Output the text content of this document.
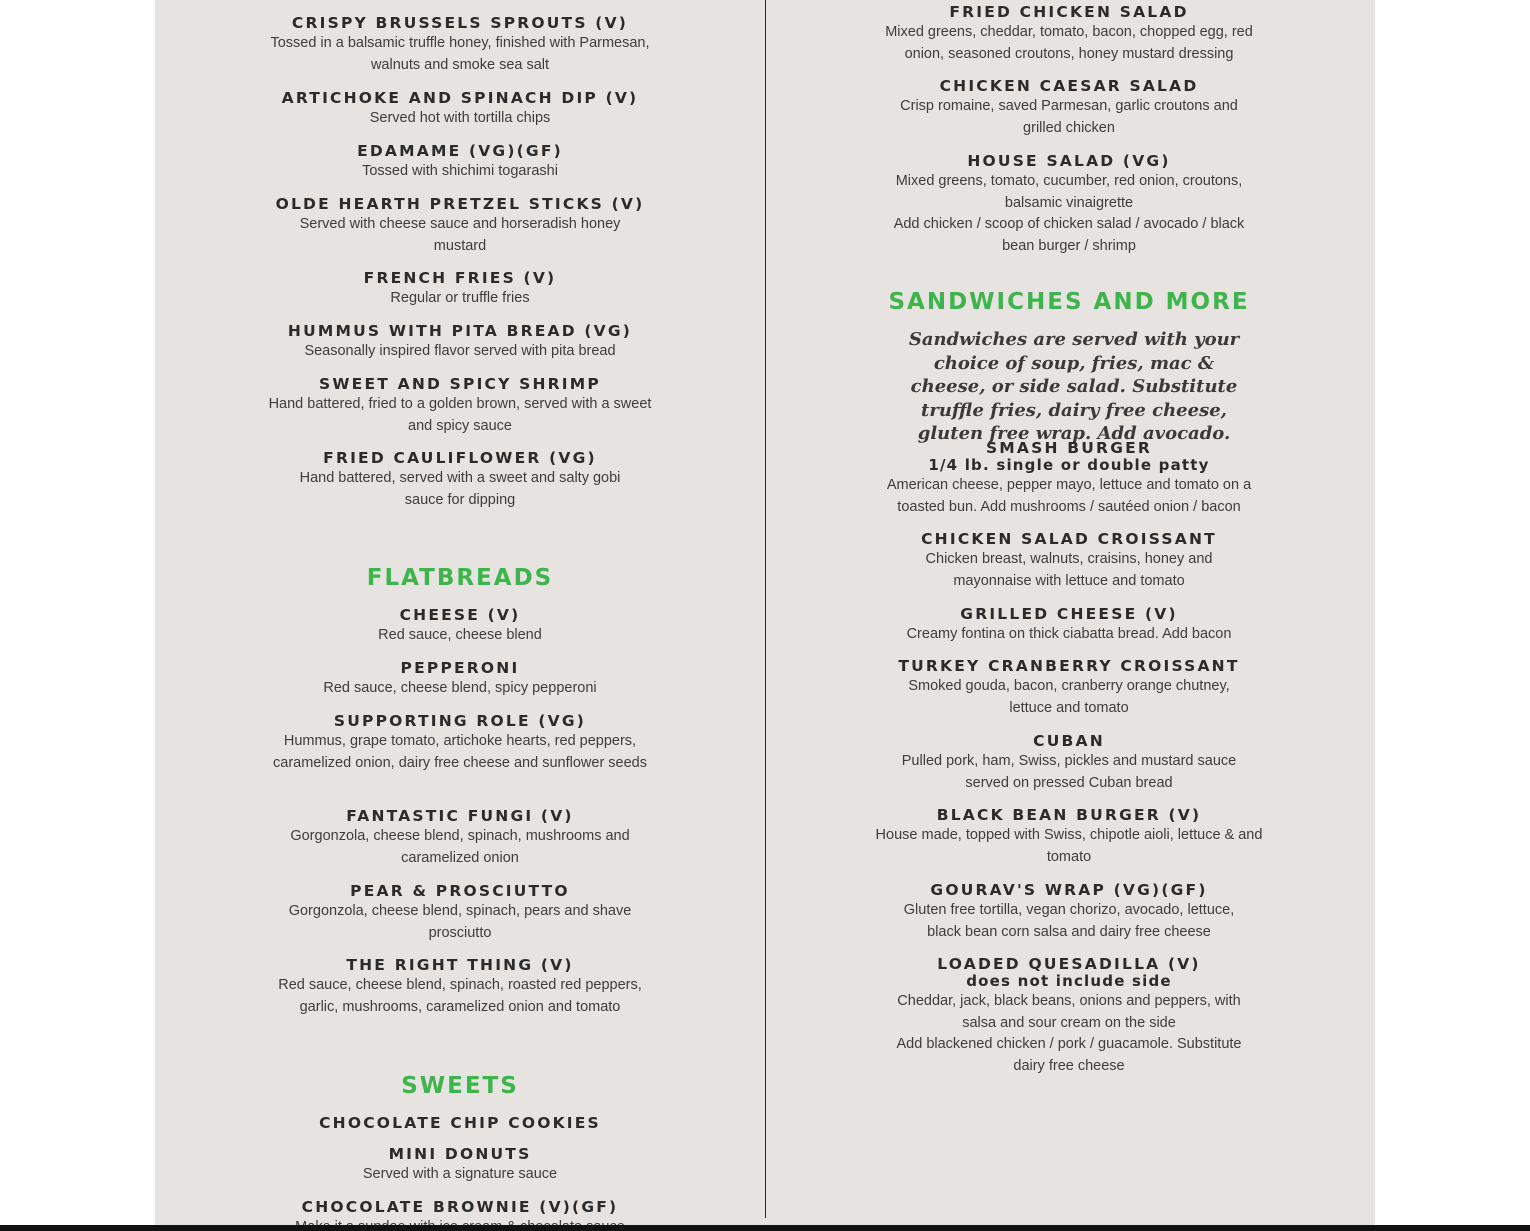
CRISPY BRUSSELS SPROUTS (V)

Tossed in a balsamic truffle honey, finished with Parmesan, walnuts and smoke sea salt

ARTICHOKE AND SPINACH DIP (V)

Served hot with tortilla chips

EDAMAME (VG)(GF)

Tossed with shichimi togarashi

OLDE HEARTH PRETZEL STICKS (V)

Served with cheese sauce and horseradish honey mustard

FRENCH FRIES (V)

Regular or truffle fries

HUMMUS WITH PITA BREAD (VG)

Seasonally inspired flavor served with pita bread

SWEET AND SPICY SHRIMP

Hand battered, fried to a golden brown, served with a sweet and spicy sauce

FRIED CAULIFLOWER (VG)

Hand battered, served with a sweet and salty gobi sauce for dipping

FLATBREADS

CHEESE (V)

Red sauce, cheese blend

PEPPERONI

Red sauce, cheese blend, spicy pepperoni

SUPPORTING ROLE (VG)

Hummus, grape tomato, artichoke hearts, red peppers, caramelized onion, dairy free cheese and sunflower seeds

FANTASTIC FUNGI (V)

Gorgonzola, cheese blend, spinach, mushrooms and caramelized onion

PEAR & PROSCIUTTO

Gorgonzola, cheese blend, spinach, pears and shave prosciutto

THE RIGHT THING (V)

Red sauce, cheese blend, spinach, roasted red peppers, garlic, mushrooms, caramelized onion and tomato

SWEETS

CHOCOLATE CHIP COOKIES

MINI DONUTS

Served with a signature sauce

CHOCOLATE BROWNIE (V)(GF)

FRIED CHICKEN SALAD

Mixed greens, cheddar, tomato, bacon, chopped egg, red onion, seasoned croutons, honey mustard dressing

CHICKEN CAESAR SALAD

Crisp romaine, saved Parmesan, garlic croutons and grilled chicken

HOUSE SALAD (VG)

Mixed greens, tomato, cucumber, red onion, croutons, balsamic vinaigrette

Add chicken / scoop of chicken salad / avocado / black bean burger / shrimp

SANDWICHES AND MORE

Sandwiches are served with your choice of soup, fries, mac & cheese, or side salad. Substitute truffle fries, dairy free cheese, gluten free wrap. Add avocado.

SMASH BURGER

1/4 lb. single or double patty

American cheese, pepper mayo, lettuce and tomato on a toasted bun. Add mushrooms / sautéed onion / bacon

CHICKEN SALAD CROISSANT

Chicken breast, walnuts, craisins, honey and mayonnaise with lettuce and tomato

GRILLED CHEESE (V)

Creamy fontina on thick ciabatta bread. Add bacon

TURKEY CRANBERRY CROISSANT

Smoked gouda, bacon, cranberry orange chutney, lettuce and tomato

CUBAN

Pulled pork, ham, Swiss, pickles and mustard sauce served on pressed Cuban bread

BLACK BEAN BURGER (V)

House made, topped with Swiss, chipotle aioli, lettuce & and tomato

GOURAV'S WRAP (VG)(GF)

Gluten free tortilla, vegan chorizo, avocado, lettuce, black bean corn salsa and dairy free cheese

LOADED QUESADILLA (V)

does not include side

Cheddar, jack, black beans, onions and peppers, with salsa and sour cream on the side

Add blackened chicken / pork / guacamole. Substitute dairy free cheese
